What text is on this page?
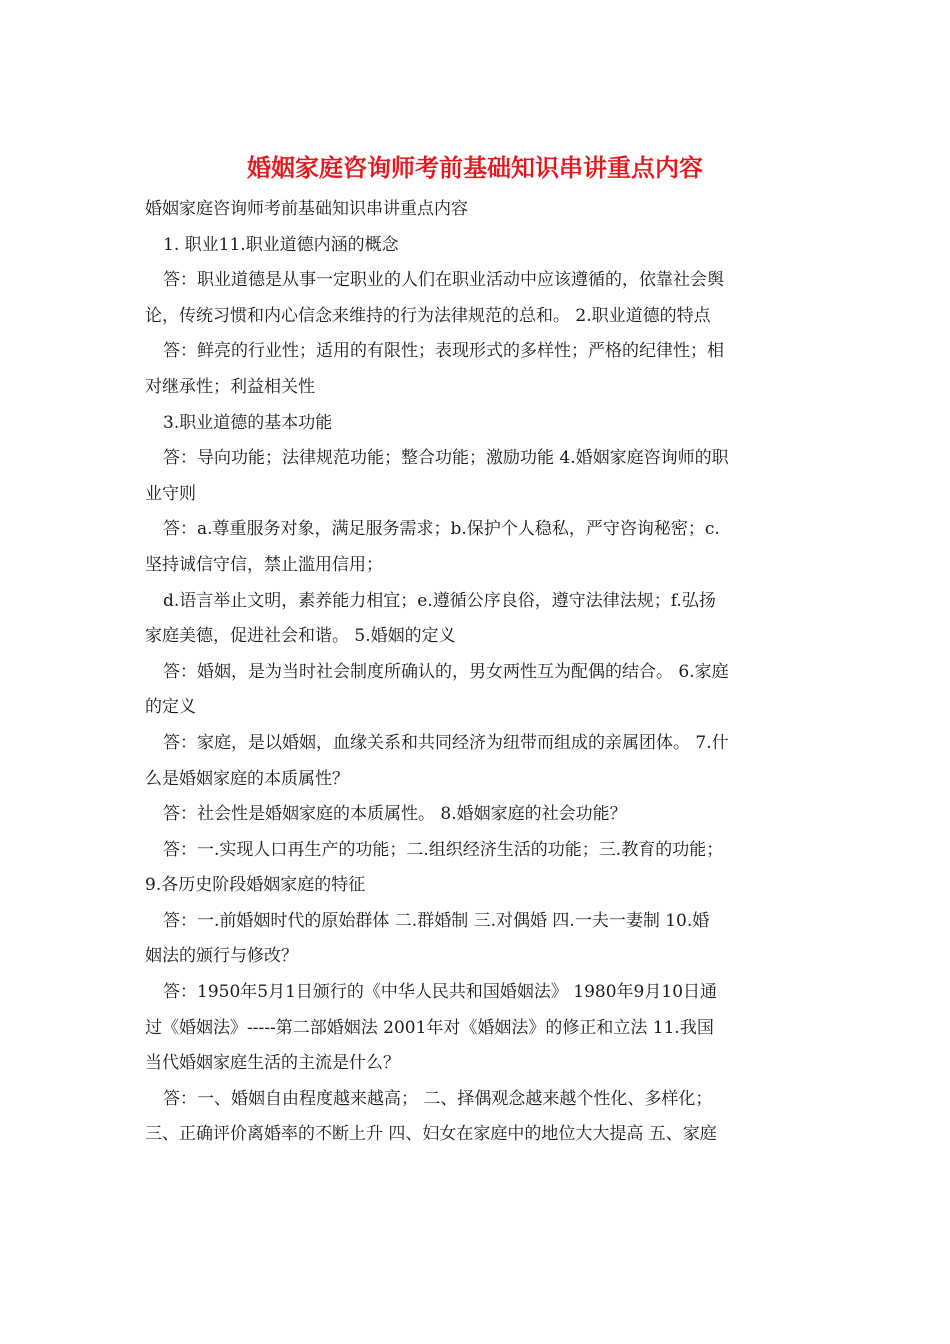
婚姻家庭咨询师考前基础知识串讲重点内容

婚姻家庭咨询师考前基础知识串讲重点内容

1. 职业11.职业道德内涵的概念

答：职业道德是从事一定职业的人们在职业活动中应该遵循的，依靠社会舆

论，传统习惯和内心信念来维持的行为法律规范的总和。 2.职业道德的特点

答：鲜亮的行业性；适用的有限性；表现形式的多样性；严格的纪律性；相

对继承性；利益相关性

3.职业道德的基本功能

答：导向功能；法律规范功能；整合功能；激励功能 4.婚姻家庭咨询师的职

业守则

答：a.尊重服务对象，满足服务需求；b.保护个人稳私，严守咨询秘密；c.

坚持诚信守信，禁止滥用信用；

d.语言举止文明，素养能力相宜；e.遵循公序良俗，遵守法律法规；f.弘扬

家庭美德，促进社会和谐。 5.婚姻的定义

答：婚姻，是为当时社会制度所确认的，男女两性互为配偶的结合。 6.家庭

的定义

答：家庭，是以婚姻，血缘关系和共同经济为纽带而组成的亲属团体。 7.什

么是婚姻家庭的本质属性？

答：社会性是婚姻家庭的本质属性。 8.婚姻家庭的社会功能？

答：一.实现人口再生产的功能；二.组织经济生活的功能；三.教育的功能；

9.各历史阶段婚姻家庭的特征

答：一.前婚姻时代的原始群体 二.群婚制 三.对偶婚 四.一夫一妻制 10.婚

姻法的颁行与修改？

答：1950年5月1日颁行的《中华人民共和国婚姻法》 1980年9月10日通

过《婚姻法》-----第二部婚姻法 2001年对《婚姻法》的修正和立法 11.我国

当代婚姻家庭生活的主流是什么？

答：一、婚姻自由程度越来越高； 二、择偶观念越来越个性化、多样化；

三、正确评价离婚率的不断上升 四、妇女在家庭中的地位大大提高 五、家庭
